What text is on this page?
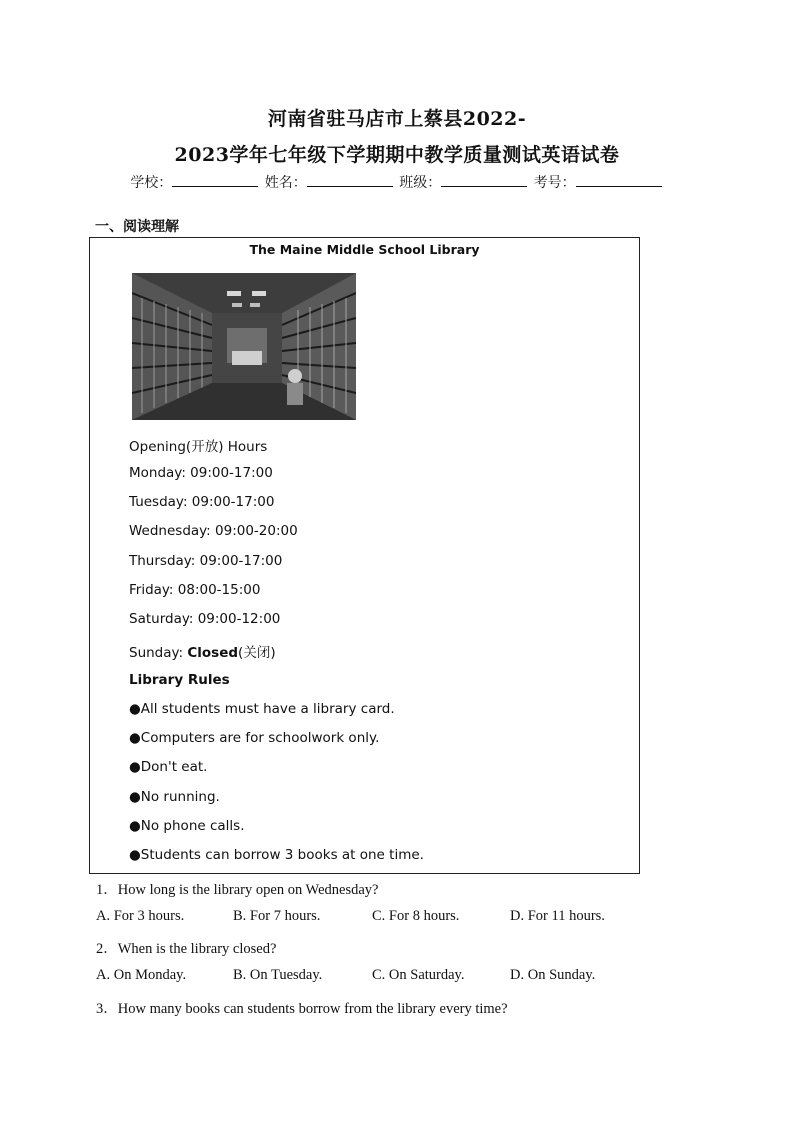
河南省驻马店市上蔡县2022-
2023学年七年级下学期期中教学质量测试英语试卷
学校：	姓名：	班级：	考号：
一、阅读理解
The Maine Middle School Library
Opening(开放) Hours
Monday: 09:00-17:00
Tuesday: 09:00-17:00
Wednesday: 09:00-20:00
Thursday: 09:00-17:00
Friday: 08:00-15:00
Saturday: 09:00-12:00
Sunday: Closed(关闭)
Library Rules
●All students must have a library card.
●Computers are for schoolwork only.
●Don't eat.
●No running.
●No phone calls.
●Students can borrow 3 books at one time.
1．How long is the library open on Wednesday?
A. For 3 hours.	B. For 7 hours.	C. For 8 hours.	D. For 11 hours.
2．When is the library closed?
A. On Monday.	B. On Tuesday.	C. On Saturday.	D. On Sunday.
3．How many books can students borrow from the library every time?
